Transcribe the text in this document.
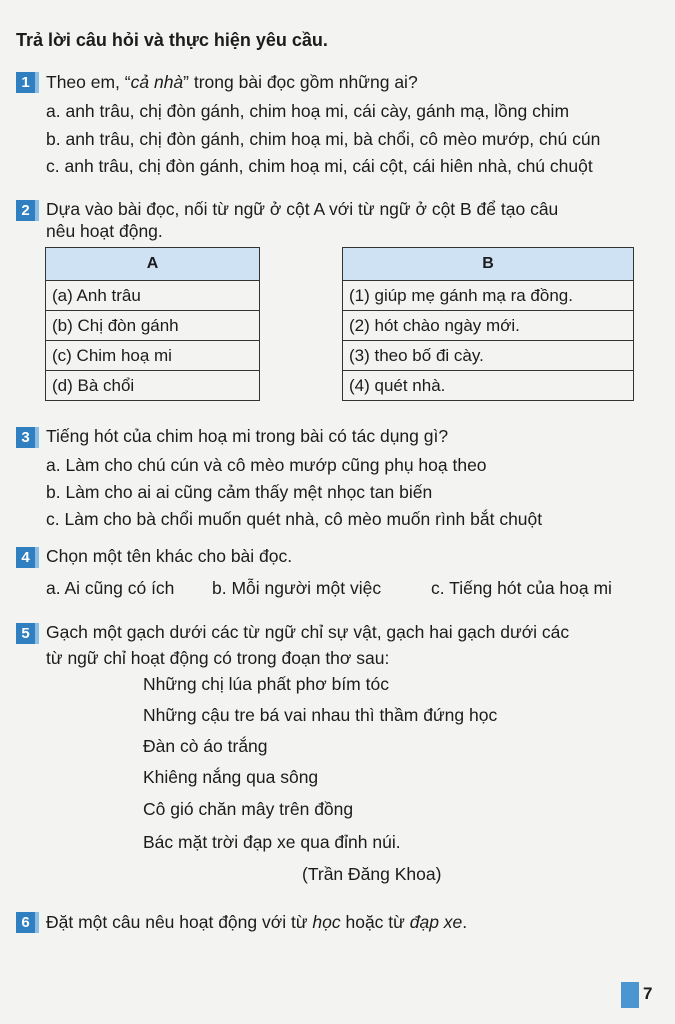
Trả lời câu hỏi và thực hiện yêu cầu.
1 Theo em, “cả nhà” trong bài đọc gồm những ai?
a. anh trâu, chị đòn gánh, chim hoạ mi, cái cày, gánh mạ, lồng chim
b. anh trâu, chị đòn gánh, chim hoạ mi, bà chổi, cô mèo mướp, chú cún
c. anh trâu, chị đòn gánh, chim hoạ mi, cái cột, cái hiên nhà, chú chuột
2 Dựa vào bài đọc, nối từ ngữ ở cột A với từ ngữ ở cột B để tạo câu
nêu hoạt động.
A
(a) Anh trâu
(b) Chị đòn gánh
(c) Chim hoạ mi
(d) Bà chổi
B
(1) giúp mẹ gánh mạ ra đồng.
(2) hót chào ngày mới.
(3) theo bố đi cày.
(4) quét nhà.
3 Tiếng hót của chim hoạ mi trong bài có tác dụng gì?
a. Làm cho chú cún và cô mèo mướp cũng phụ hoạ theo
b. Làm cho ai ai cũng cảm thấy mệt nhọc tan biến
c. Làm cho bà chổi muốn quét nhà, cô mèo muốn rình bắt chuột
4 Chọn một tên khác cho bài đọc.
a. Ai cũng có ích b. Mỗi người một việc	c. Tiếng hót của hoạ mi
5 Gạch một gạch dưới các từ ngữ chỉ sự vật, gạch hai gạch dưới các
từ ngữ chỉ hoạt động có trong đoạn thơ sau:
Những chị lúa phất phơ bím tóc
Những cậu tre bá vai nhau thì thầm đứng học
Đàn cò áo trắng
Khiêng nắng qua sông
Cô gió chăn mây trên đồng
Bác mặt trời đạp xe qua đỉnh núi.
(Trần Đăng Khoa)
6 Đặt một câu nêu hoạt động với từ học hoặc từ đạp xe.
7
